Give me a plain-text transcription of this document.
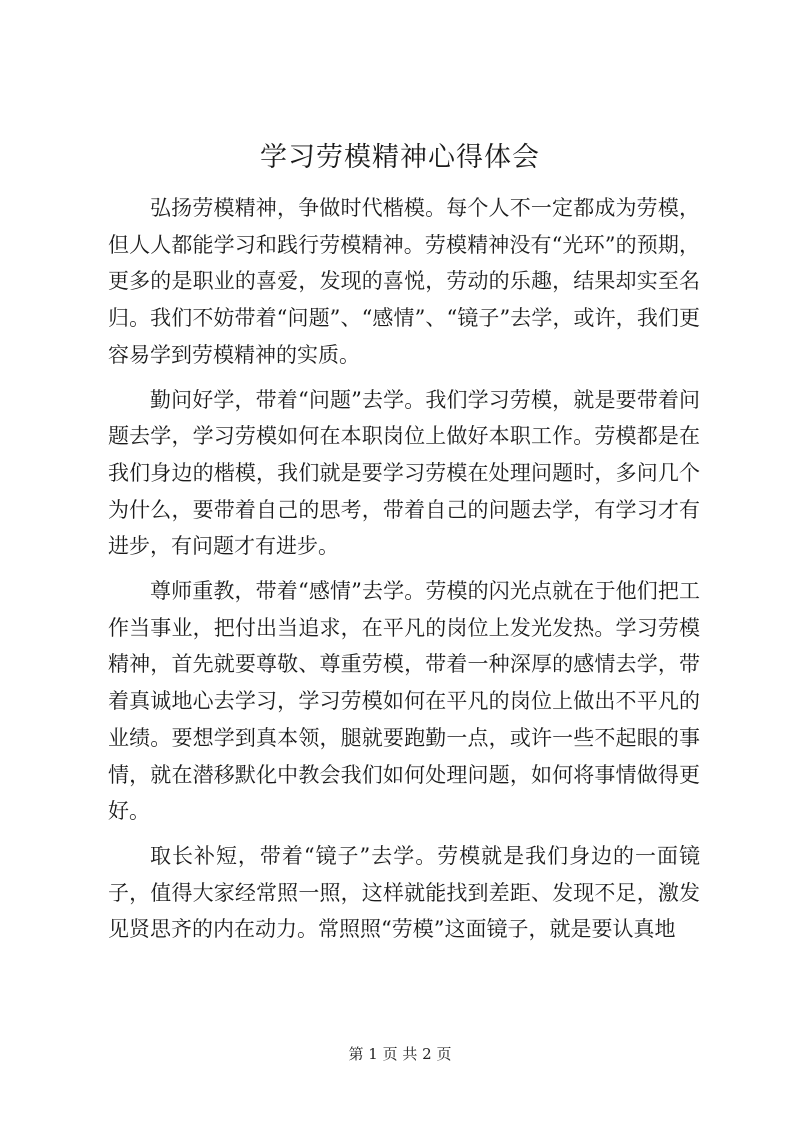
学习劳模精神心得体会

弘扬劳模精神，争做时代楷模。每个人不一定都成为劳模，但人人都能学习和践行劳模精神。劳模精神没有“光环”的预期，更多的是职业的喜爱，发现的喜悦，劳动的乐趣，结果却实至名归。我们不妨带着“问题”、“感情”、“镜子”去学，或许，我们更容易学到劳模精神的实质。

勤问好学，带着“问题”去学。我们学习劳模，就是要带着问题去学，学习劳模如何在本职岗位上做好本职工作。劳模都是在我们身边的楷模，我们就是要学习劳模在处理问题时，多问几个为什么，要带着自己的思考，带着自己的问题去学，有学习才有进步，有问题才有进步。

尊师重教，带着“感情”去学。劳模的闪光点就在于他们把工作当事业，把付出当追求，在平凡的岗位上发光发热。学习劳模精神，首先就要尊敬、尊重劳模，带着一种深厚的感情去学，带着真诚地心去学习，学习劳模如何在平凡的岗位上做出不平凡的业绩。要想学到真本领，腿就要跑勤一点，或许一些不起眼的事情，就在潜移默化中教会我们如何处理问题，如何将事情做得更好。

取长补短，带着“镜子”去学。劳模就是我们身边的一面镜子，值得大家经常照一照，这样就能找到差距、发现不足，激发见贤思齐的内在动力。常照照“劳模”这面镜子，就是要认真地

第 1 页 共 2 页
